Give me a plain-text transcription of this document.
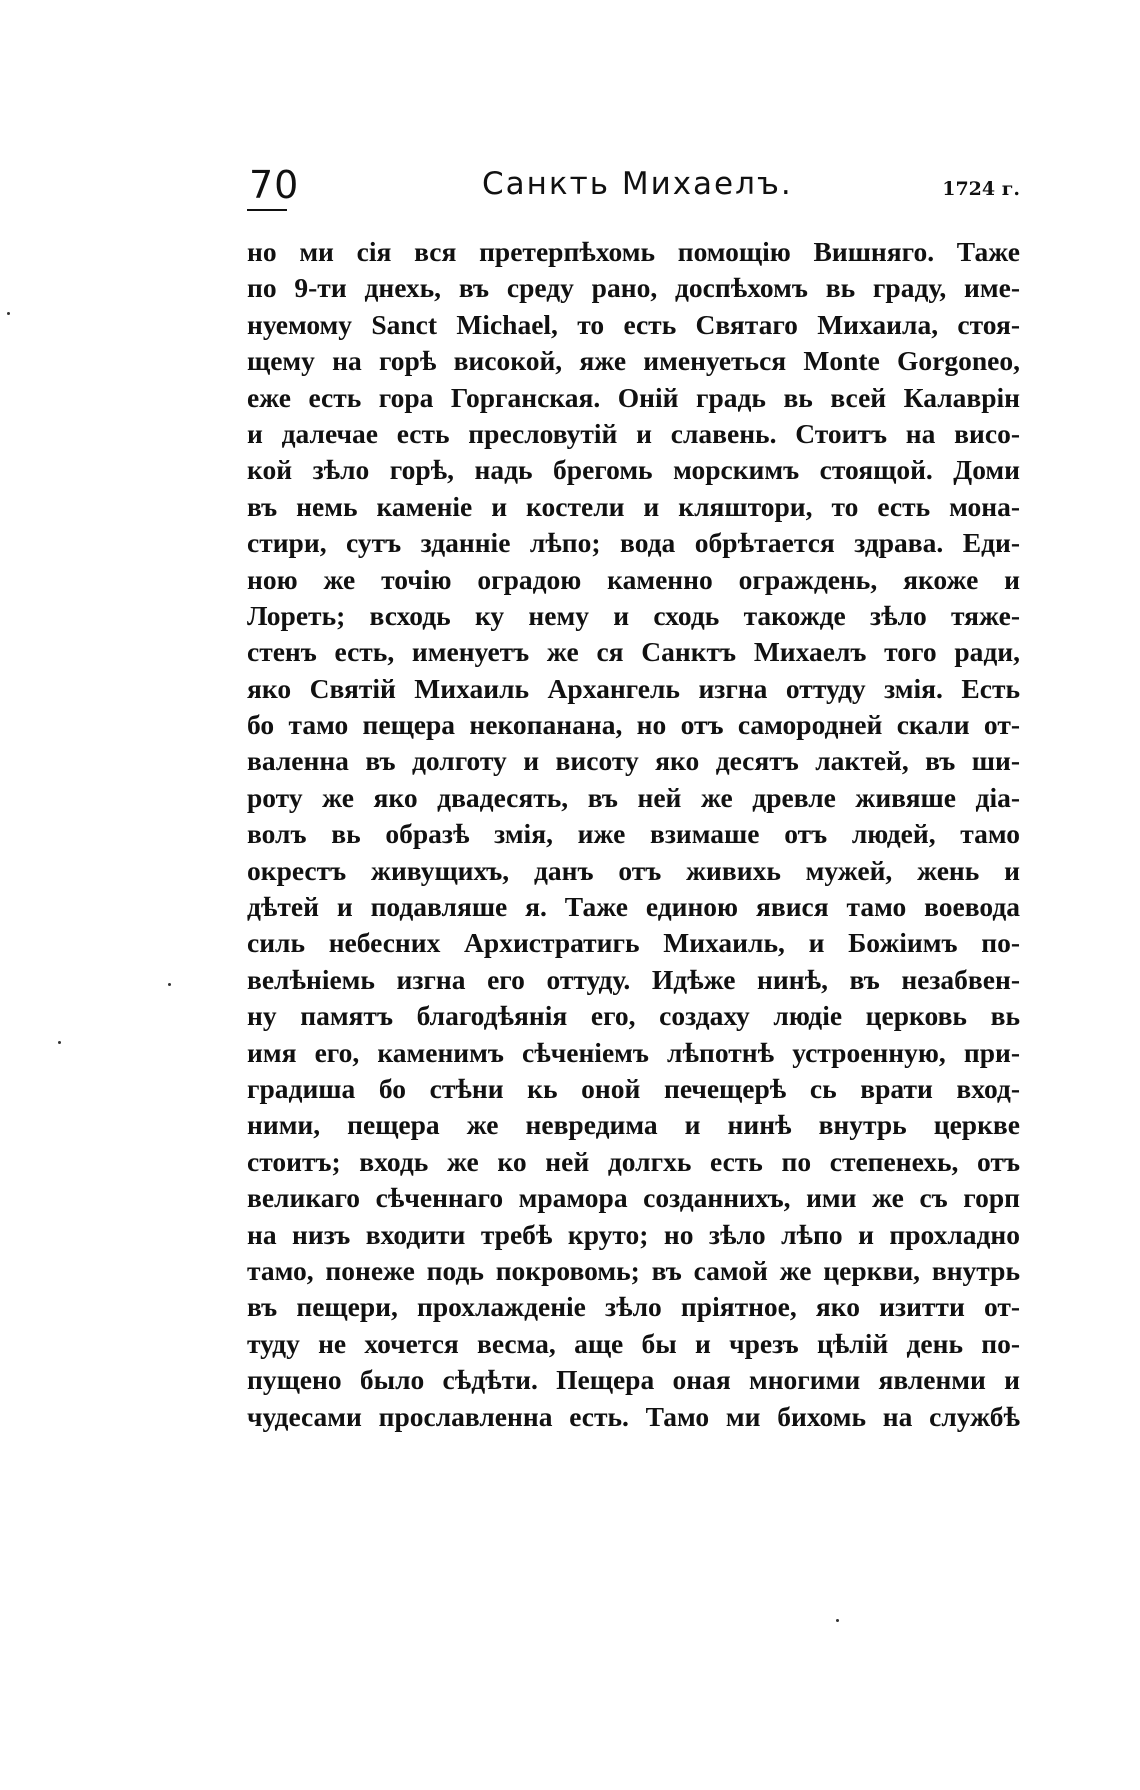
70	Санкть Михаелъ.	1724 г.
но ми сія вся претерпѣхомь помощію Вишняго. Таже
по 9-ти днехь, въ среду рано, доспѣхомъ вь граду, име-
нуемому Sanct Michael, то есть Святаго Михаила, стоя-
щему на горѣ високой, яже именуеться Monte Gorgoneo,
еже есть гора Горганская. Оній градь вь всей Калаврін
и далечае есть пресловутій и славень. Стоитъ на висо-
кой зѣло горѣ, надь брегомь морскимъ стоящой. Доми
въ немь каменіе и костели и кляштори, то есть мона-
стири, сутъ зданніе лѣпо; вода обрѣтается здрава. Еди-
ною же точію оградою каменно ограждень, якоже и
Лореть; всходь ку нему и сходь такожде зѣло тяже-
стенъ есть, именуетъ же ся Санктъ Михаелъ того ради,
яко Святій Михаиль Архангель изгна оттуду змія. Есть
бо тамо пещера некопанана, но отъ самородней скали от-
валенна въ долготу и висоту яко десятъ лактей, въ ши-
роту же яко двадесять, въ ней же древле живяше діа-
волъ вь образѣ змія, иже взимаше отъ людей, тамо
окрестъ живущихъ, данъ отъ живихь мужей, жень и
дѣтей и подавляше я. Таже единою явися тамо воевода
силь небесних Архистратигь Михаиль, и Божіимъ по-
велѣніемь изгна его оттуду. Идѣже нинѣ, въ незабвен-
ну памятъ благодѣянія его, создаху людіе церковь вь
имя его, каменимъ сѣченіемъ лѣпотнѣ устроенную, при-
градиша бо стѣни кь оной печещерѣ сь врати вход-
ними, пещера же невредима и нинѣ внутрь церкве
стоитъ; входь же ко ней долгхь есть по степенехь, отъ
великаго сѣченнаго мрамора созданнихъ, ими же съ горп
на низъ входити требѣ круто; но зѣло лѣпо и прохладно
тамо, понеже подь покровомь; въ самой же церкви, внутрь
въ пещери, прохлажденіе зѣло пріятное, яко изитти от-
туду не хочется весма, аще бы и чрезъ цѣлій день по-
пущено было сѣдѣти. Пещера оная многими явленми и
чудесами прославленна есть. Тамо ми бихомь на службѣ
